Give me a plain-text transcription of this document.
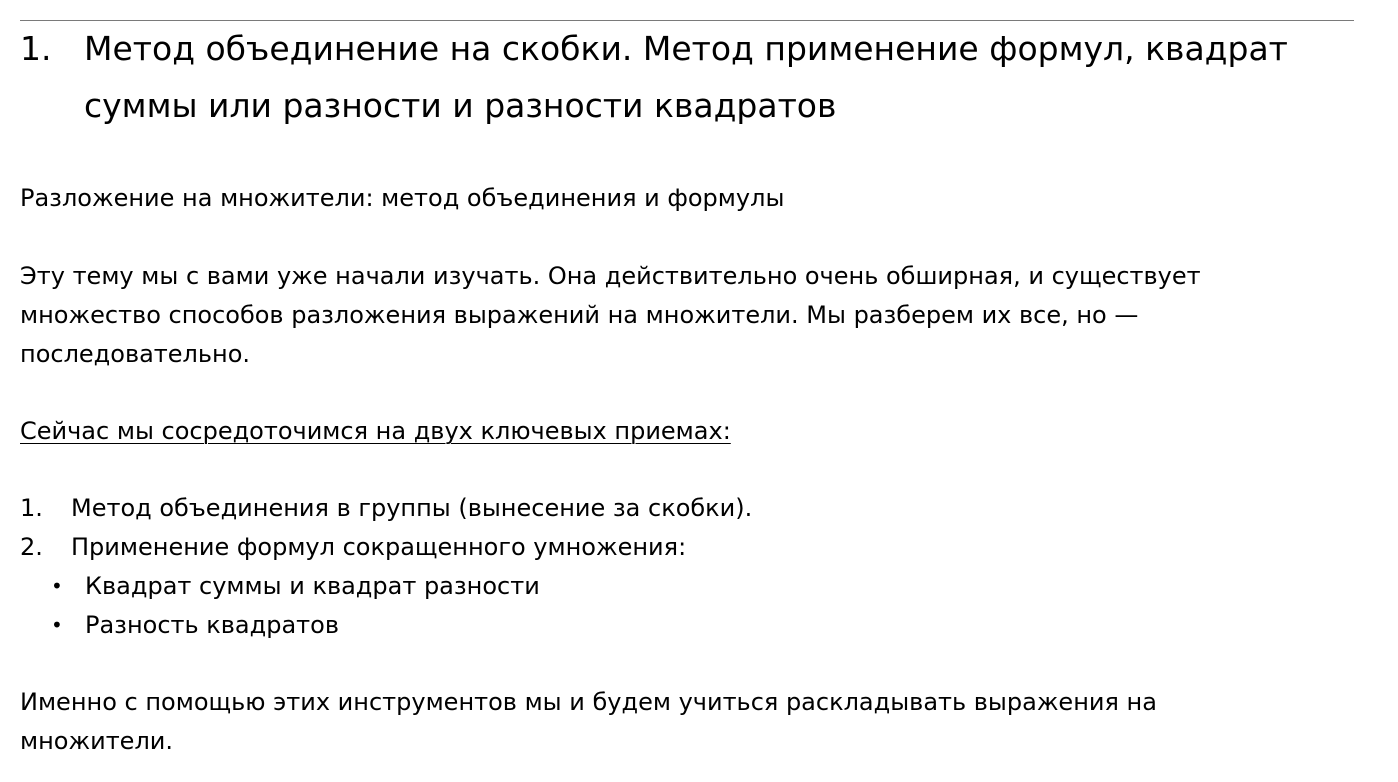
1. Метод объединение на скобки. Метод применение формул, квадрат суммы или разности и разности квадратов
Разложение на множители: метод объединения и формулы
Эту тему мы с вами уже начали изучать. Она действительно очень обширная, и существует множество способов разложения выражений на множители. Мы разберем их все, но — последовательно.
Сейчас мы сосредоточимся на двух ключевых приемах:
1. Метод объединения в группы (вынесение за скобки).
2. Применение формул сокращенного умножения:
• Квадрат суммы и квадрат разности
• Разность квадратов
Именно с помощью этих инструментов мы и будем учиться раскладывать выражения на множители.
